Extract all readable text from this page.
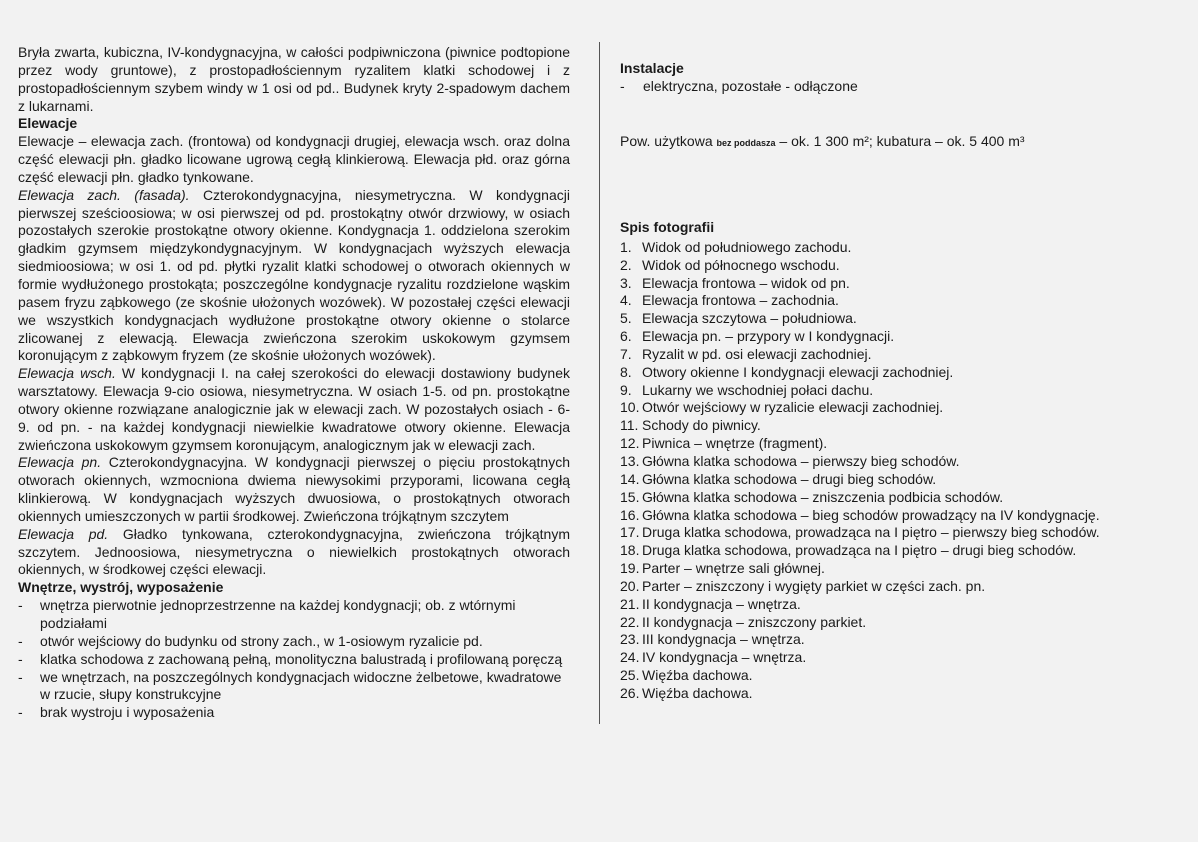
Bryła zwarta, kubiczna, IV-kondygnacyjna, w całości podpiwniczona (piwnice podtopione przez wody gruntowe), z prostopadłościennym ryzalitem klatki schodowej i z prostopadłościennym szybem windy w 1 osi od pd.. Budynek kryty 2-spadowym dachem z lukarnami.

Elewacje

Elewacje – elewacja zach. (frontowa) od kondygnacji drugiej, elewacja wsch. oraz dolna część elewacji płn. gładko licowane ugrową cegłą klinkierową. Elewacja płd. oraz górna część elewacji płn. gładko tynkowane.

Elewacja zach. (fasada). Czterokondygnacyjna, niesymetryczna. W kondygnacji pierwszej sześcioosiowa; w osi pierwszej od pd. prostokątny otwór drzwiowy, w osiach pozostałych szerokie prostokątne otwory okienne. Kondygnacja 1. oddzielona szerokim gładkim gzymsem międzykondygnacyjnym. W kondygnacjach wyższych elewacja siedmioosiowa; w osi 1. od pd. płytki ryzalit klatki schodowej o otworach okiennych w formie wydłużonego prostokąta; poszczególne kondygnacje ryzalitu rozdzielone wąskim pasem fryzu ząbkowego (ze skośnie ułożonych wozówek). W pozostałej części elewacji we wszystkich kondygnacjach wydłużone prostokątne otwory okienne o stolarce zlicowanej z elewacją. Elewacja zwieńczona szerokim uskokowym gzymsem koronującym z ząbkowym fryzem (ze skośnie ułożonych wozówek).

Elewacja wsch. W kondygnacji I. na całej szerokości do elewacji dostawiony budynek warsztatowy. Elewacja 9-cio osiowa, niesymetryczna. W osiach 1-5. od pn. prostokątne otwory okienne rozwiązane analogicznie jak w elewacji zach. W pozostałych osiach - 6-9. od pn. - na każdej kondygnacji niewielkie kwadratowe otwory okienne. Elewacja zwieńczona uskokowym gzymsem koronującym, analogicznym jak w elewacji zach.

Elewacja pn. Czterokondygnacyjna. W kondygnacji pierwszej o pięciu prostokątnych otworach okiennych, wzmocniona dwiema niewysokimi przyporami, licowana cegłą klinkierową. W kondygnacjach wyższych dwuosiowa, o prostokątnych otworach okiennych umieszczonych w partii środkowej. Zwieńczona trójkątnym szczytem

Elewacja pd. Gładko tynkowana, czterokondygnacyjna, zwieńczona trójkątnym szczytem. Jednoosiowa, niesymetryczna o niewielkich prostokątnych otworach okiennych, w środkowej części elewacji.

Wnętrze, wystrój, wyposażenie

- wnętrza pierwotnie jednoprzestrzenne na każdej kondygnacji; ob. z wtórnymi podziałami
- otwór wejściowy do budynku od strony zach., w 1-osiowym ryzalicie pd.
- klatka schodowa z zachowaną pełną, monolityczna balustradą i profilowaną poręczą
- we wnętrzach, na poszczególnych kondygnacjach widoczne żelbetowe, kwadratowe w rzucie, słupy konstrukcyjne
- brak wystroju i wyposażenia
Instalacje
- elektryczna, pozostałe - odłączone
Pow. użytkowa bez poddasza – ok. 1 300 m²; kubatura – ok. 5 400 m³
Spis fotografii
1. Widok od południowego zachodu.
2. Widok od północnego wschodu.
3. Elewacja frontowa – widok od pn.
4. Elewacja frontowa – zachodnia.
5. Elewacja szczytowa – południowa.
6. Elewacja pn. – przypory w I kondygnacji.
7. Ryzalit w pd. osi elewacji zachodniej.
8. Otwory okienne I kondygnacji elewacji zachodniej.
9. Lukarny we wschodniej połaci dachu.
10. Otwór wejściowy w ryzalicie elewacji zachodniej.
11. Schody do piwnicy.
12. Piwnica – wnętrze (fragment).
13. Główna klatka schodowa – pierwszy bieg schodów.
14. Główna klatka schodowa – drugi bieg schodów.
15. Główna klatka schodowa – zniszczenia podbicia schodów.
16. Główna klatka schodowa – bieg schodów prowadzący na IV kondygnację.
17. Druga klatka schodowa, prowadząca na I piętro – pierwszy bieg schodów.
18. Druga klatka schodowa, prowadząca na I piętro – drugi bieg schodów.
19. Parter – wnętrze sali głównej.
20. Parter – zniszczony i wygięty parkiet w części zach. pn.
21. II kondygnacja – wnętrza.
22. II kondygnacja – zniszczony parkiet.
23. III kondygnacja – wnętrza.
24. IV kondygnacja – wnętrza.
25. Więźba dachowa.
26. Więźba dachowa.
